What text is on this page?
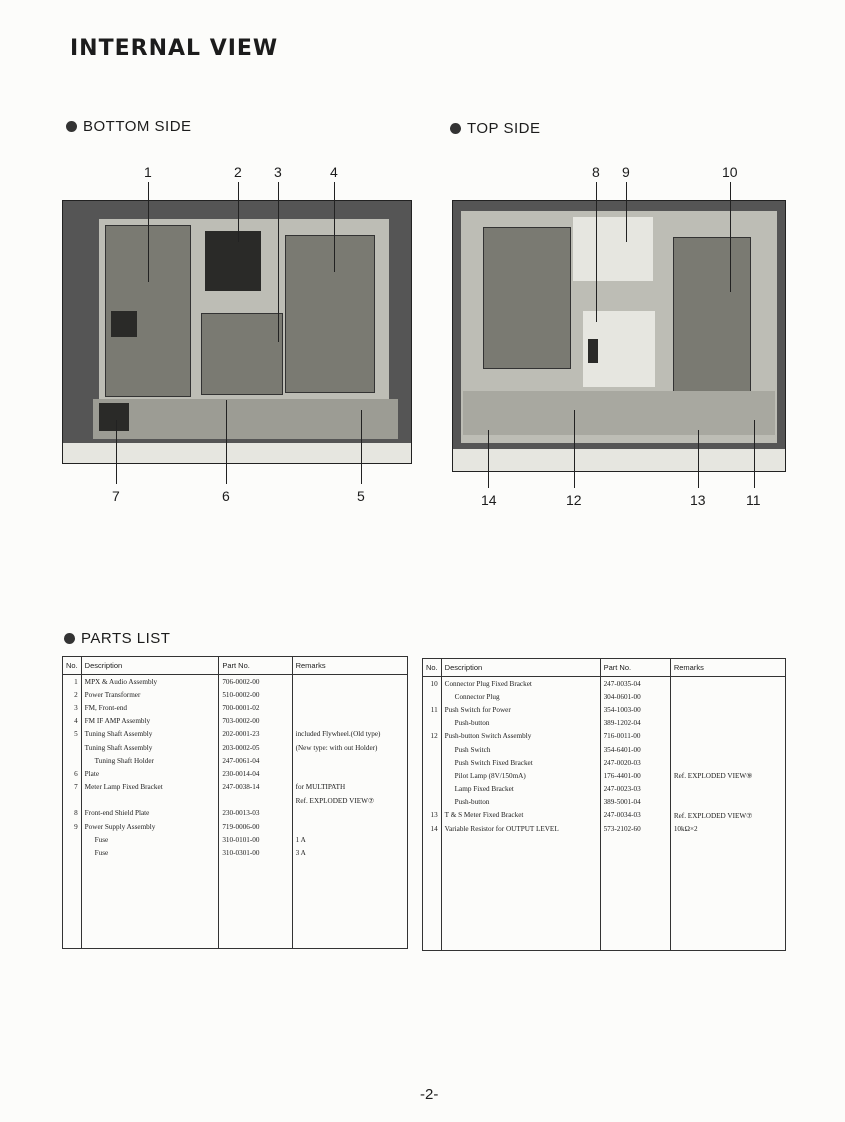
INTERNAL VIEW
BOTTOM SIDE	TOP SIDE
1	2 3	4
7	6	5
8 9	10
14	12	13	11
PARTS LIST
No.	Description	Part No.	Remarks
1	MPX & Audio Assembly	706-0002-00	
2	Power Transformer	510-0002-00	
3	FM, Front-end	700-0001-02	
4	FM IF AMP Assembly	703-0002-00	
5	Tuning Shaft Assembly	202-0001-23	included Flywheel.(Old type)
	Tuning Shaft Assembly	203-0002-05	(New type: with out Holder)
	Tuning Shaft Holder	247-0061-04	
6	Plate	230-0014-04	
7	Meter Lamp Fixed Bracket	247-0038-14	for MULTIPATH
			Ref. EXPLODED VIEW⑦
8	Front-end Shield Plate	230-0013-03	
9	Power Supply Assembly	719-0006-00	
	Fuse	310-0101-00	1 A
	Fuse	310-0301-00	3 A

No.	Description	Part No.	Remarks
10	Connector Plug Fixed Bracket	247-0035-04	
	Connector Plug	304-0601-00	
11	Push Switch for Power	354-1003-00	
	Push-button	389-1202-04	
12	Push-button Switch Assembly	716-0011-00	
	Push Switch	354-6401-00	
	Push Switch Fixed Bracket	247-0020-03	
	Pilot Lamp (8V/150mA)	176-4401-00	Ref. EXPLODED VIEW⑨
	Lamp Fixed Bracket	247-0023-03	
	Push-button	389-5001-04	
13	T & S Meter Fixed Bracket	247-0034-03	Ref. EXPLODED VIEW⑦
14	Variable Resistor for OUTPUT LEVEL	573-2102-60	10kΩ×2

-2-
